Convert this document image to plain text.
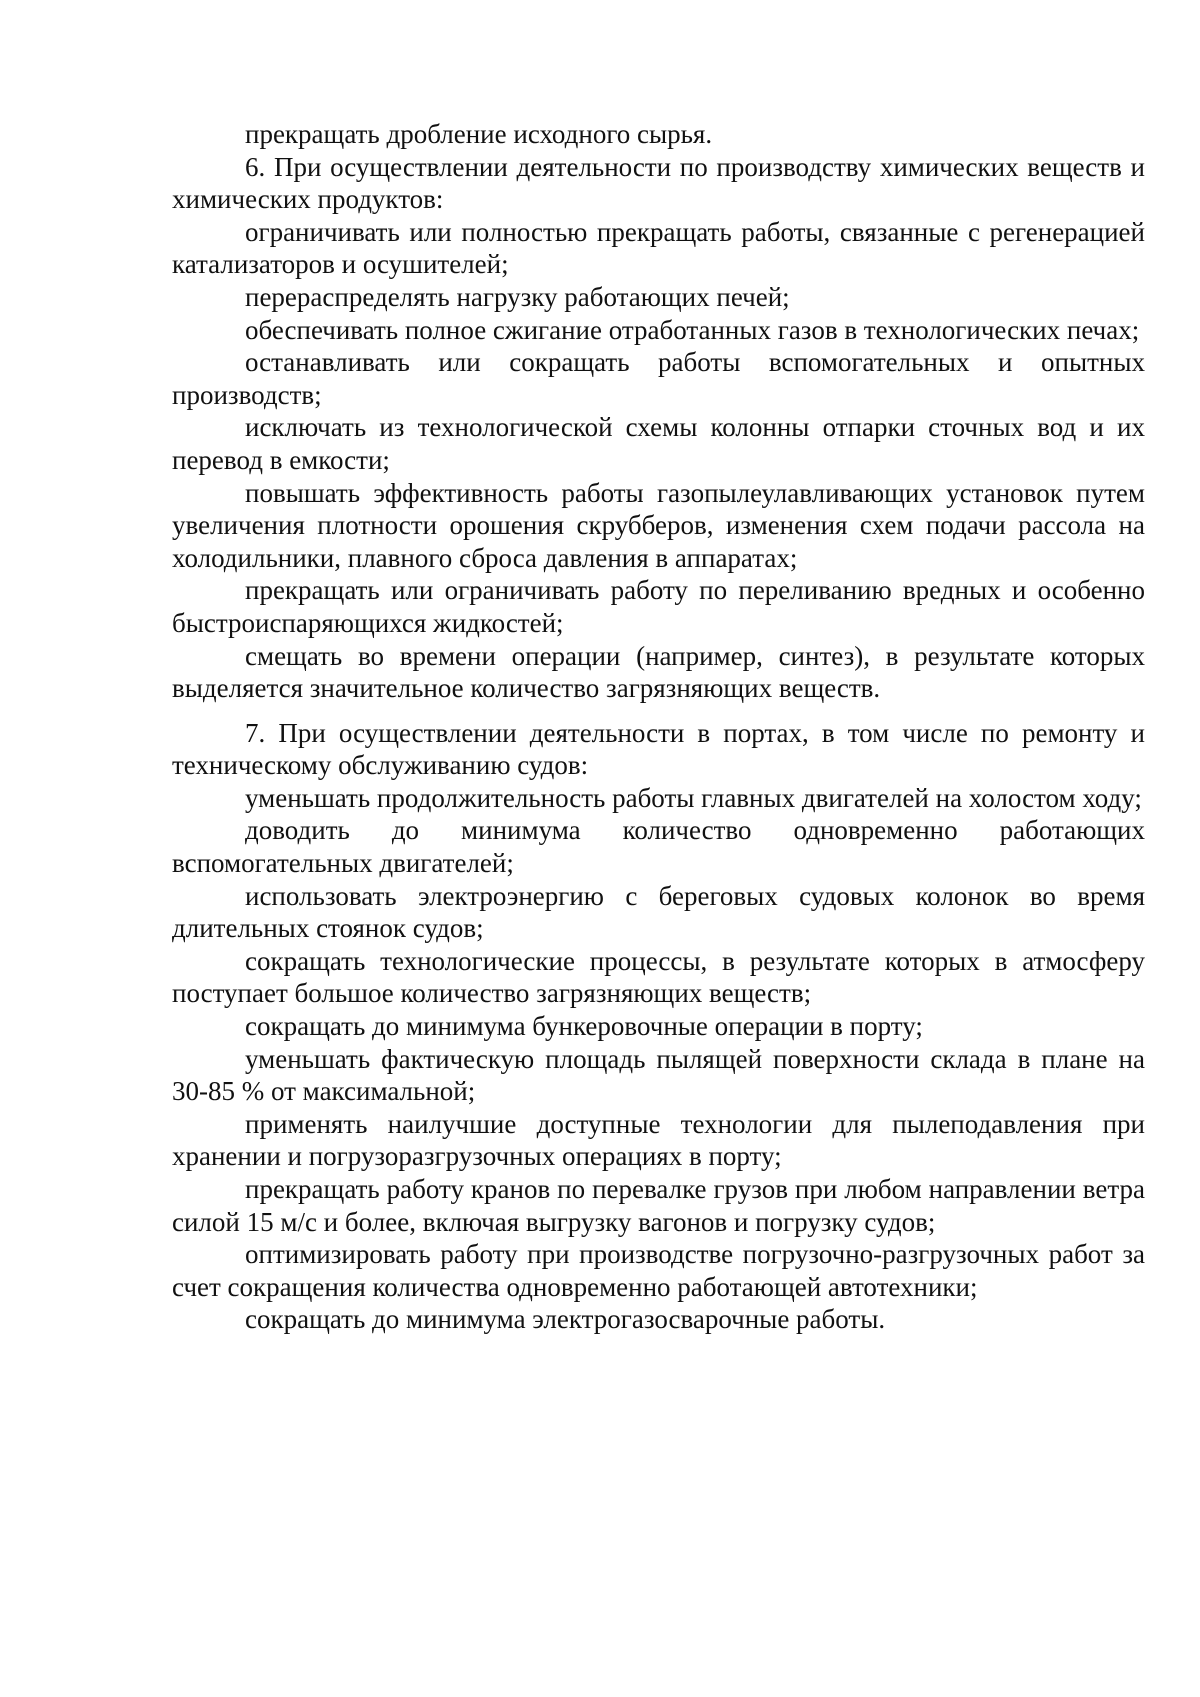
прекращать дробление исходного сырья.

6. При осуществлении деятельности по производству химических веществ и химических продуктов:

ограничивать или полностью прекращать работы, связанные с регенерацией катализаторов и осушителей;

перераспределять нагрузку работающих печей;

обеспечивать полное сжигание отработанных газов в технологических печах;

останавливать или сокращать работы вспомогательных и опытных производств;

исключать из технологической схемы колонны отпарки сточных вод и их перевод в емкости;

повышать эффективность работы газопылеулавливающих установок путем увеличения плотности орошения скрубберов, изменения схем подачи рассола на холодильники, плавного сброса давления в аппаратах;

прекращать или ограничивать работу по переливанию вредных и особенно быстроиспаряющихся жидкостей;

смещать во времени операции (например, синтез), в результате которых выделяется значительное количество загрязняющих веществ.

7. При осуществлении деятельности в портах, в том числе по ремонту и техническому обслуживанию судов:

уменьшать продолжительность работы главных двигателей на холостом ходу;

доводить до минимума количество одновременно работающих вспомогательных двигателей;

использовать электроэнергию с береговых судовых колонок во время длительных стоянок судов;

сокращать технологические процессы, в результате которых в атмосферу поступает большое количество загрязняющих веществ;

сокращать до минимума бункеровочные операции в порту;

уменьшать фактическую площадь пылящей поверхности склада в плане на 30-85 % от максимальной;

применять наилучшие доступные технологии для пылеподавления при хранении и погрузоразгрузочных операциях в порту;

прекращать работу кранов по перевалке грузов при любом направлении ветра силой 15 м/с и более, включая выгрузку вагонов и погрузку судов;

оптимизировать работу при производстве погрузочно-разгрузочных работ за счет сокращения количества одновременно работающей автотехники;

сокращать до минимума электрогазосварочные работы.
